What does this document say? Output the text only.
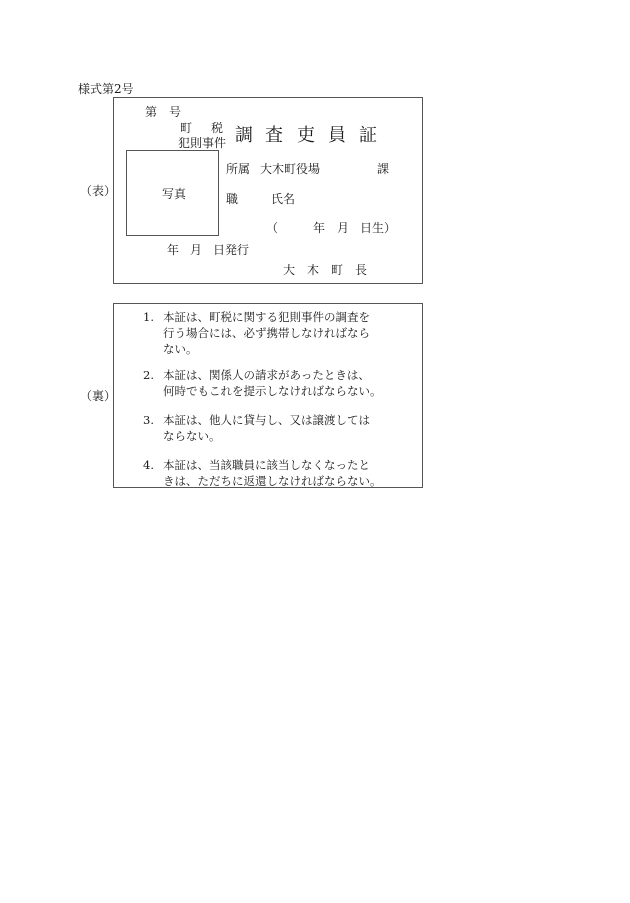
様式第2号
（表）
第 号
町 税
犯則事件 調 査 吏 員 証
写真
所属 大木町役場	課
職	氏名
（	年 月 日生）
年 月 日発行
大 木 町 長
（裏）
1. 本証は、町税に関する犯則事件の調査を
行う場合には、必ず携帯しなければなら
ない。
2. 本証は、関係人の請求があったときは、
何時でもこれを提示しなければならない。
3. 本証は、他人に貸与し、又は譲渡しては
ならない。
4. 本証は、当該職員に該当しなくなったと
きは、ただちに返還しなければならない。
